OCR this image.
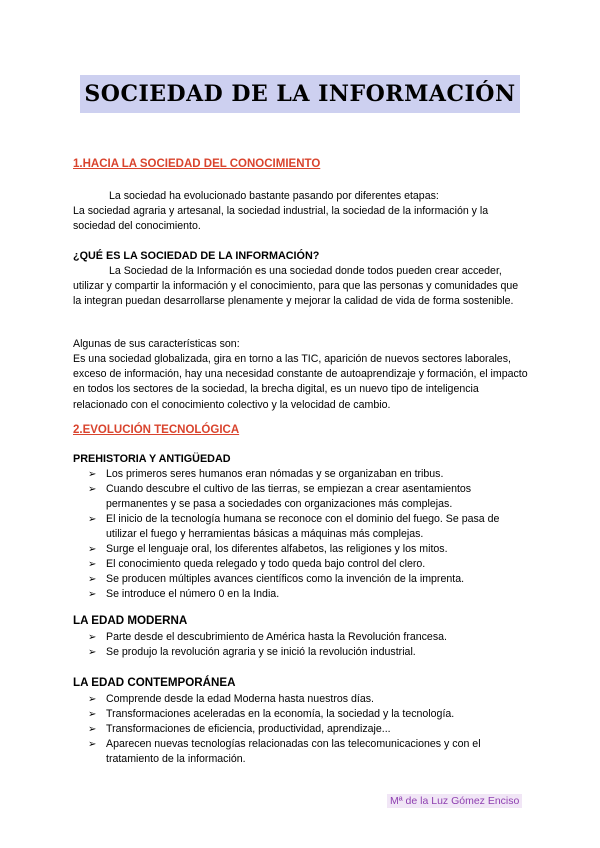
SOCIEDAD DE LA INFORMACIÓN
1.HACIA LA SOCIEDAD DEL CONOCIMIENTO

La sociedad ha evolucionado bastante pasando por diferentes etapas:

La sociedad agraria y artesanal, la sociedad industrial, la sociedad de la información y la sociedad del conocimiento.

¿QUÉ ES LA SOCIEDAD DE LA INFORMACIÓN?

La Sociedad de la Información es una sociedad donde todos pueden crear acceder, utilizar y compartir la información y el conocimiento, para que las personas y comunidades que la integran puedan desarrollarse plenamente y mejorar la calidad de vida de forma sostenible.

Algunas de sus características son:

Es una sociedad globalizada, gira en torno a las TIC, aparición de nuevos sectores laborales, exceso de información, hay una necesidad constante de autoaprendizaje y formación, el impacto en todos los sectores de la sociedad, la brecha digital, es un nuevo tipo de inteligencia relacionado con el conocimiento colectivo y la velocidad de cambio.

2.EVOLUCIÓN TECNOLÓGICA
PREHISTORIA Y ANTIGÜEDAD
➢ Los primeros seres humanos eran nómadas y se organizaban en tribus.
➢ Cuando descubre el cultivo de las tierras, se empiezan a crear asentamientos permanentes y se pasa a sociedades con organizaciones más complejas.
➢ El inicio de la tecnología humana se reconoce con el dominio del fuego. Se pasa de utilizar el fuego y herramientas básicas a máquinas más complejas.
➢ Surge el lenguaje oral, los diferentes alfabetos, las religiones y los mitos.
➢ El conocimiento queda relegado y todo queda bajo control del clero.
➢ Se producen múltiples avances científicos como la invención de la imprenta.
➢ Se introduce el número 0 en la India.
LA EDAD MODERNA
➢ Parte desde el descubrimiento de América hasta la Revolución francesa.
➢ Se produjo la revolución agraria y se inició la revolución industrial.
LA EDAD CONTEMPORÁNEA
➢ Comprende desde la edad Moderna hasta nuestros días.
➢ Transformaciones aceleradas en la economía, la sociedad y la tecnología.
➢ Transformaciones de eficiencia, productividad, aprendizaje...
➢ Aparecen nuevas tecnologías relacionadas con las telecomunicaciones y con el tratamiento de la información.
Mª de la Luz Gómez Enciso
